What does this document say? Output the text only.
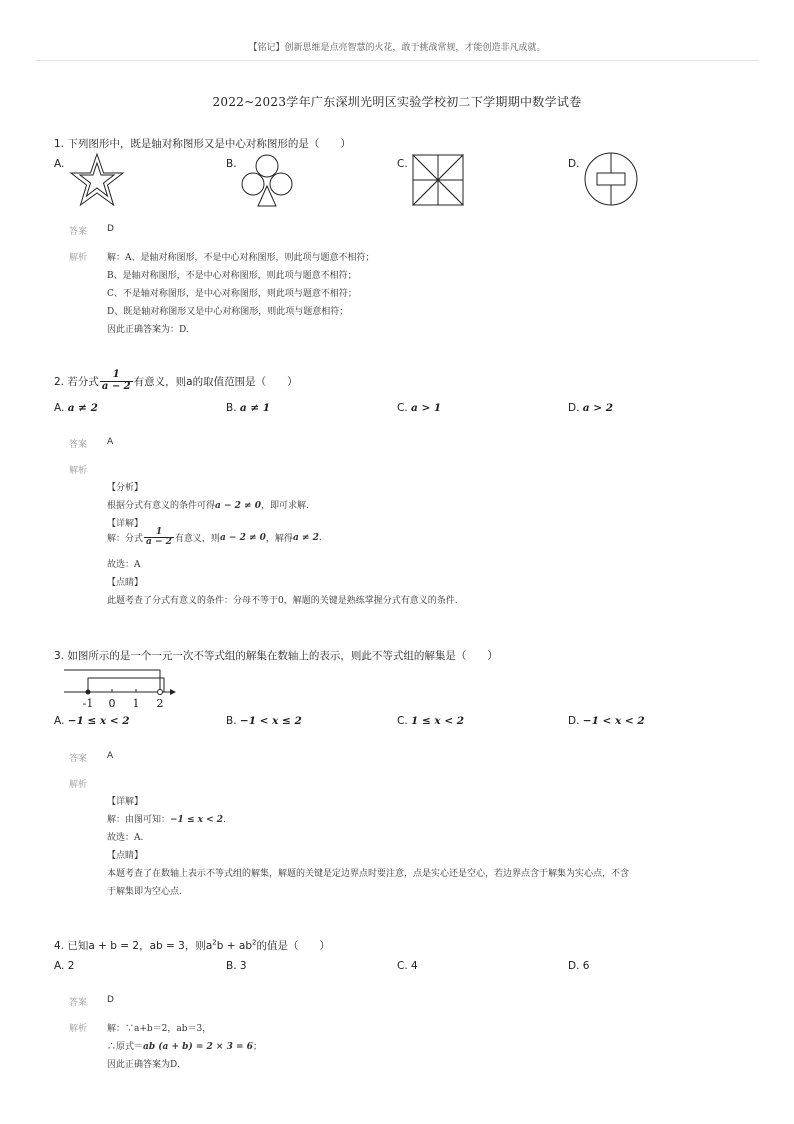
【铭记】创新思维是点亮智慧的火花，敢于挑战常规，才能创造非凡成就。
2022~2023学年广东深圳光明区实验学校初二下学期期中数学试卷
1. 下列图形中，既是轴对称图形又是中心对称图形的是（　　）
A.	B.	C.	D.
答案 D
解析 解：A、是轴对称图形，不是中心对称图形，则此项与题意不相符；
B、是轴对称图形，不是中心对称图形，则此项与题意不相符；
C、不是轴对称图形，是中心对称图形，则此项与题意不相符；
D、既是轴对称图形又是中心对称图形，则此项与题意相符；
因此正确答案为：D.
2. 若分式 $\frac{1}{a - 2}$ 有意义，则a的取值范围是（　　）
A. a ≠ 2	B. a ≠ 1	C. a > 1	D. a > 2
答案 A
解析
【分析】
根据分式有意义的条件可得a − 2 ≠ 0，即可求解.
【详解】
解：分式 $\frac{1}{a - 2}$ 有意义，则 a − 2 ≠ 0 ，解得 a ≠ 2 .
故选：A
【点睛】
此题考查了分式有意义的条件：分母不等于0，解题的关键是熟练掌握分式有意义的条件.
3. 如图所示的是一个一元一次不等式组的解集在数轴上的表示，则此不等式组的解集是（　　）
-1 0 1 2
A. −1 ≤ x < 2	B. −1 < x ≤ 2	C. 1 ≤ x < 2	D. −1 < x < 2
答案 A
解析
【详解】
解：由图可知：−1 ≤ x < 2.
故选：A.
【点睛】
本题考查了在数轴上表示不等式组的解集，解题的关键是定边界点时要注意，点是实心还是空心，若边界点含于解集为实心点，不含
于解集即为空心点.
4. 已知a + b = 2，ab = 3，则$a^2b + ab^2$的值是（　　）
A. 2	B. 3	C. 4	D. 6
答案 D
解析 解：∵a+b＝2，ab＝3，
∴原式＝ab (a + b) = 2 × 3 = 6；
因此正确答案为D.
